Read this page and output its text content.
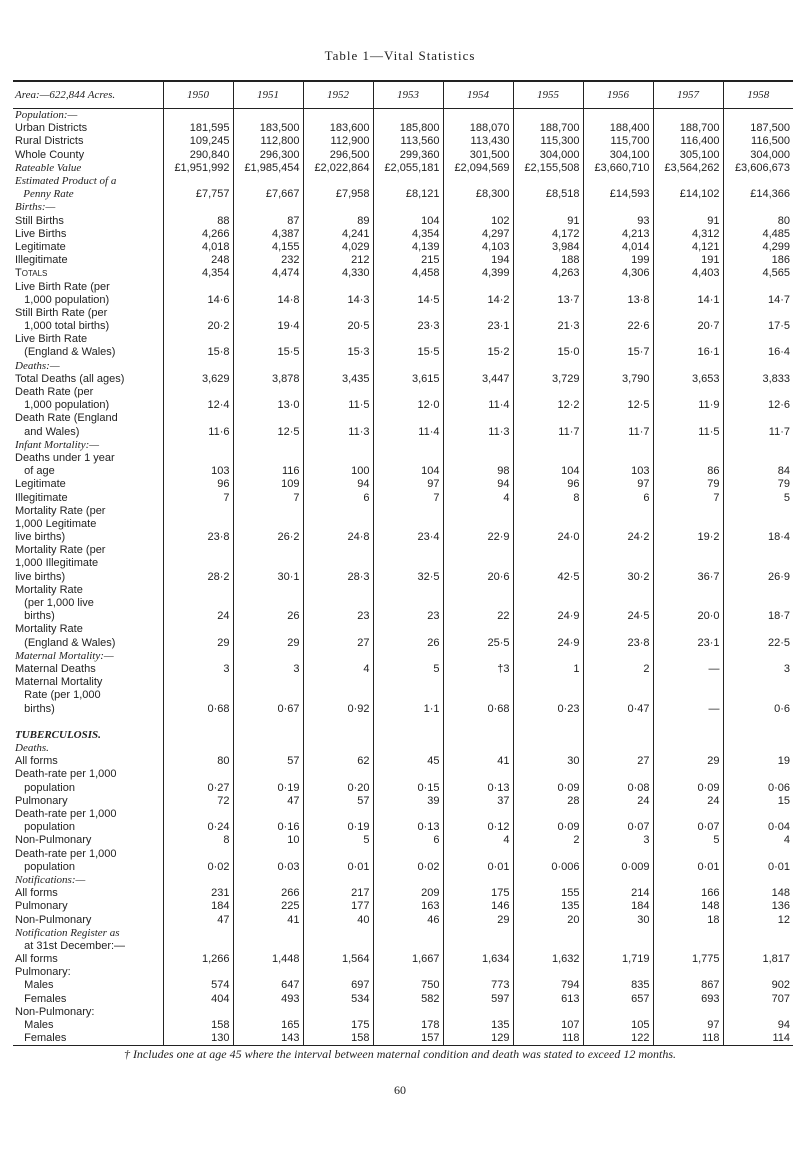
Table 1—Vital Statistics
Area:—622,844 Acres.	1950	1951	1952	1953	1954	1955	1956	1957	1958
Population:—									
Urban Districts	181,595	183,500	183,600	185,800	188,070	188,700	188,400	188,700	187,500
Rural Districts	109,245	112,800	112,900	113,560	113,430	115,300	115,700	116,400	116,500
Whole County	290,840	296,300	296,500	299,360	301,500	304,000	304,100	305,100	304,000
Rateable Value	£1,951,992	£1,985,454	£2,022,864	£2,055,181	£2,094,569	£2,155,508	£3,660,710	£3,564,262	£3,606,673
Estimated Product of a									
Penny Rate	£7,757	£7,667	£7,958	£8,121	£8,300	£8,518	£14,593	£14,102	£14,366
Births:—									
Still Births	88	87	89	104	102	91	93	91	80
Live Births	4,266	4,387	4,241	4,354	4,297	4,172	4,213	4,312	4,485
Legitimate	4,018	4,155	4,029	4,139	4,103	3,984	4,014	4,121	4,299
Illegitimate	248	232	212	215	194	188	199	191	186
Totals	4,354	4,474	4,330	4,458	4,399	4,263	4,306	4,403	4,565
Live Birth Rate (per									
1,000 population)	14·6	14·8	14·3	14·5	14·2	13·7	13·8	14·1	14·7
Still Birth Rate (per									
1,000 total births)	20·2	19·4	20·5	23·3	23·1	21·3	22·6	20·7	17·5
Live Birth Rate									
(England & Wales)	15·8	15·5	15·3	15·5	15·2	15·0	15·7	16·1	16·4
Deaths:—									
Total Deaths (all ages)	3,629	3,878	3,435	3,615	3,447	3,729	3,790	3,653	3,833
Death Rate (per									
1,000 population)	12·4	13·0	11·5	12·0	11·4	12·2	12·5	11·9	12·6
Death Rate (England									
and Wales)	11·6	12·5	11·3	11·4	11·3	11·7	11·7	11·5	11·7
Infant Mortality:—									
Deaths under 1 year									
of age	103	116	100	104	98	104	103	86	84
Legitimate	96	109	94	97	94	96	97	79	79
Illegitimate	7	7	6	7	4	8	6	7	5
Mortality Rate (per									
1,000 Legitimate									
live births)	23·8	26·2	24·8	23·4	22·9	24·0	24·2	19·2	18·4
Mortality Rate (per									
1,000 Illegitimate									
live births)	28·2	30·1	28·3	32·5	20·6	42·5	30·2	36·7	26·9
Mortality Rate									
(per 1,000 live									
births)	24	26	23	23	22	24·9	24·5	20·0	18·7
Mortality Rate									
(England & Wales)	29	29	27	26	25·5	24·9	23·8	23·1	22·5
Maternal Mortality:—									
Maternal Deaths	3	3	4	5	†3	1	2	—	3
Maternal Mortality									
Rate (per 1,000									
births)	0·68	0·67	0·92	1·1	0·68	0·23	0·47	—	0·6

TUBERCULOSIS.									
Deaths.									
All forms	80	57	62	45	41	30	27	29	19
Death-rate per 1,000									
population	0·27	0·19	0·20	0·15	0·13	0·09	0·08	0·09	0·06
Pulmonary	72	47	57	39	37	28	24	24	15
Death-rate per 1,000									
population	0·24	0·16	0·19	0·13	0·12	0·09	0·07	0·07	0·04
Non-Pulmonary	8	10	5	6	4	2	3	5	4
Death-rate per 1,000									
population	0·02	0·03	0·01	0·02	0·01	0·006	0·009	0·01	0·01
Notifications:—									
All forms	231	266	217	209	175	155	214	166	148
Pulmonary	184	225	177	163	146	135	184	148	136
Non-Pulmonary	47	41	40	46	29	20	30	18	12
Notification Register as									
at 31st December:—									
All forms	1,266	1,448	1,564	1,667	1,634	1,632	1,719	1,775	1,817
Pulmonary:									
Males	574	647	697	750	773	794	835	867	902
Females	404	493	534	582	597	613	657	693	707
Non-Pulmonary:									
Males	158	165	175	178	135	107	105	97	94
Females	130	143	158	157	129	118	122	118	114
† Includes one at age 45 where the interval between maternal condition and death was stated to exceed 12 months.
60
